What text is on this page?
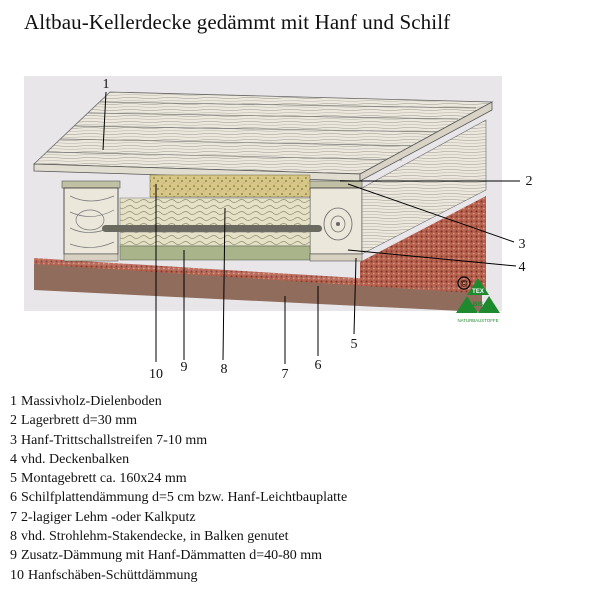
Altbau-Kellerdecke gedämmt mit Hanf und Schilf
1
2
3
4
5
6
7
8
9
10
©
TEX
BIS
NATURBAUSTOFFE
1 Massivholz-Dielenboden
2 Lagerbrett d=30 mm
3 Hanf-Trittschallstreifen 7-10 mm
4 vhd. Deckenbalken
5 Montagebrett ca. 160x24 mm
6 Schilfplattendämmung d=5 cm bzw. Hanf-Leichtbauplatte
7 2-lagiger Lehm -oder Kalkputz
8 vhd. Strohlehm-Stakendecke, in Balken genutet
9 Zusatz-Dämmung mit Hanf-Dämmatten d=40-80 mm
10 Hanfschäben-Schüttdämmung
